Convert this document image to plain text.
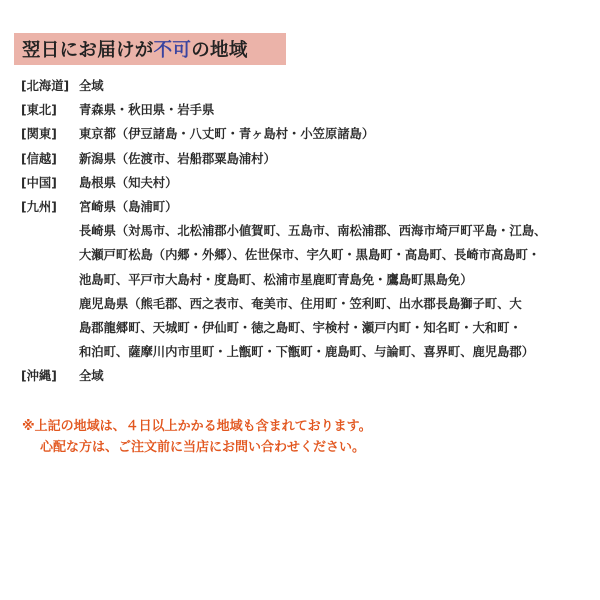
翌日にお届けが 不可 の地域
[北海道] 全域
[東北]	青森県・秋田県・岩手県
[関東]	東京都（伊豆諸島・八丈町・青ヶ島村・小笠原諸島）
[信越]	新潟県（佐渡市、岩船郡粟島浦村）
[中国]	島根県（知夫村）
[九州]	宮崎県（島浦町）
長崎県（対馬市、北松浦郡小値賀町、五島市、南松浦郡、西海市埼戸町平島・江島、
大瀬戸町松島（内郷・外郷）、佐世保市、宇久町・黒島町・高島町、長崎市高島町・
池島町、平戸市大島村・度島町、松浦市星鹿町青島免・鷹島町黒島免）
鹿児島県（熊毛郡、西之表市、奄美市、住用町・笠利町、出水郡長島獅子町、大
島郡龍郷町、天城町・伊仙町・徳之島町、宇検村・瀬戸内町・知名町・大和町・
和泊町、薩摩川内市里町・上甑町・下甑町・鹿島町、与論町、喜界町、鹿児島郡）
[沖縄]	全域
※上記の地域は、４日以上かかる地域も含まれております。
心配な方は、ご注文前に当店にお問い合わせください。
